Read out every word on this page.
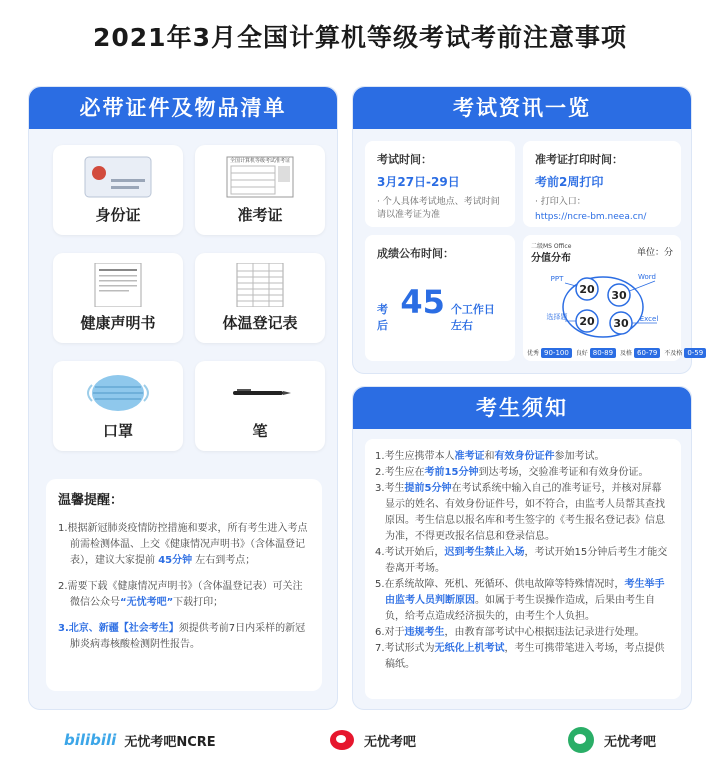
2021年3月全国计算机等级考试考前注意事项
必带证件及物品清单
身份证
全国计算机等级考试准考证
准考证
健康声明书	体温登记表
口罩	笔
温馨提醒：
1.根据新冠肺炎疫情防控措施和要求，所有考生进入考点前需检测体温、上交《健康情况声明书》（含体温登记表），建议大家提前 45分钟 左右到考点；
2.需要下载《健康情况声明书》（含体温登记表）可关注微信公众号“无忧考吧”下载打印；
3.北京、新疆【社会考生】须提供考前7日内采样的新冠肺炎病毒核酸检测阴性报告。
考试资讯一览
考试时间：
3月27日-29日
· 个人具体考试地点、考试时间请以准考证为准
准考证打印时间：
考前2周打印
· 打印入口：
https://ncre-bm.neea.cn/
成绩公布时间：
考后
45 个工作日左右
二级MS Office
分值分布	单位：分
20
PPT
30
Word
20
选择题	30 Excel
优秀 90-100 良好 80-89 及格 60-79 不及格 0-59
考生须知
1.考生应携带本人准考证和有效身份证件参加考试。
2.考生应在考前15分钟到达考场，交验准考证和有效身份证。
3.考生提前5分钟在考试系统中输入自己的准考证号，并核对屏幕显示的姓名、有效身份证件号，如不符合，由监考人员帮其查找原因。考生信息以报名库和考生签字的《考生报名登记表》信息为准，不得更改报名信息和登录信息。
4.考试开始后，迟到考生禁止入场，考试开始15分钟后考生才能交卷离开考场。
5.在系统故障、死机、死循环、供电故障等特殊情况时，考生举手由监考人员判断原因。如属于考生误操作造成，后果由考生自负，给考点造成经济损失的，由考生个人负担。
6.对于违规考生，由教育部考试中心根据违法记录进行处理。
7.考试形式为无纸化上机考试，考生可携带笔进入考场，考点提供稿纸。
bilibili 无忧考吧NCRE	无忧考吧	无忧考吧
